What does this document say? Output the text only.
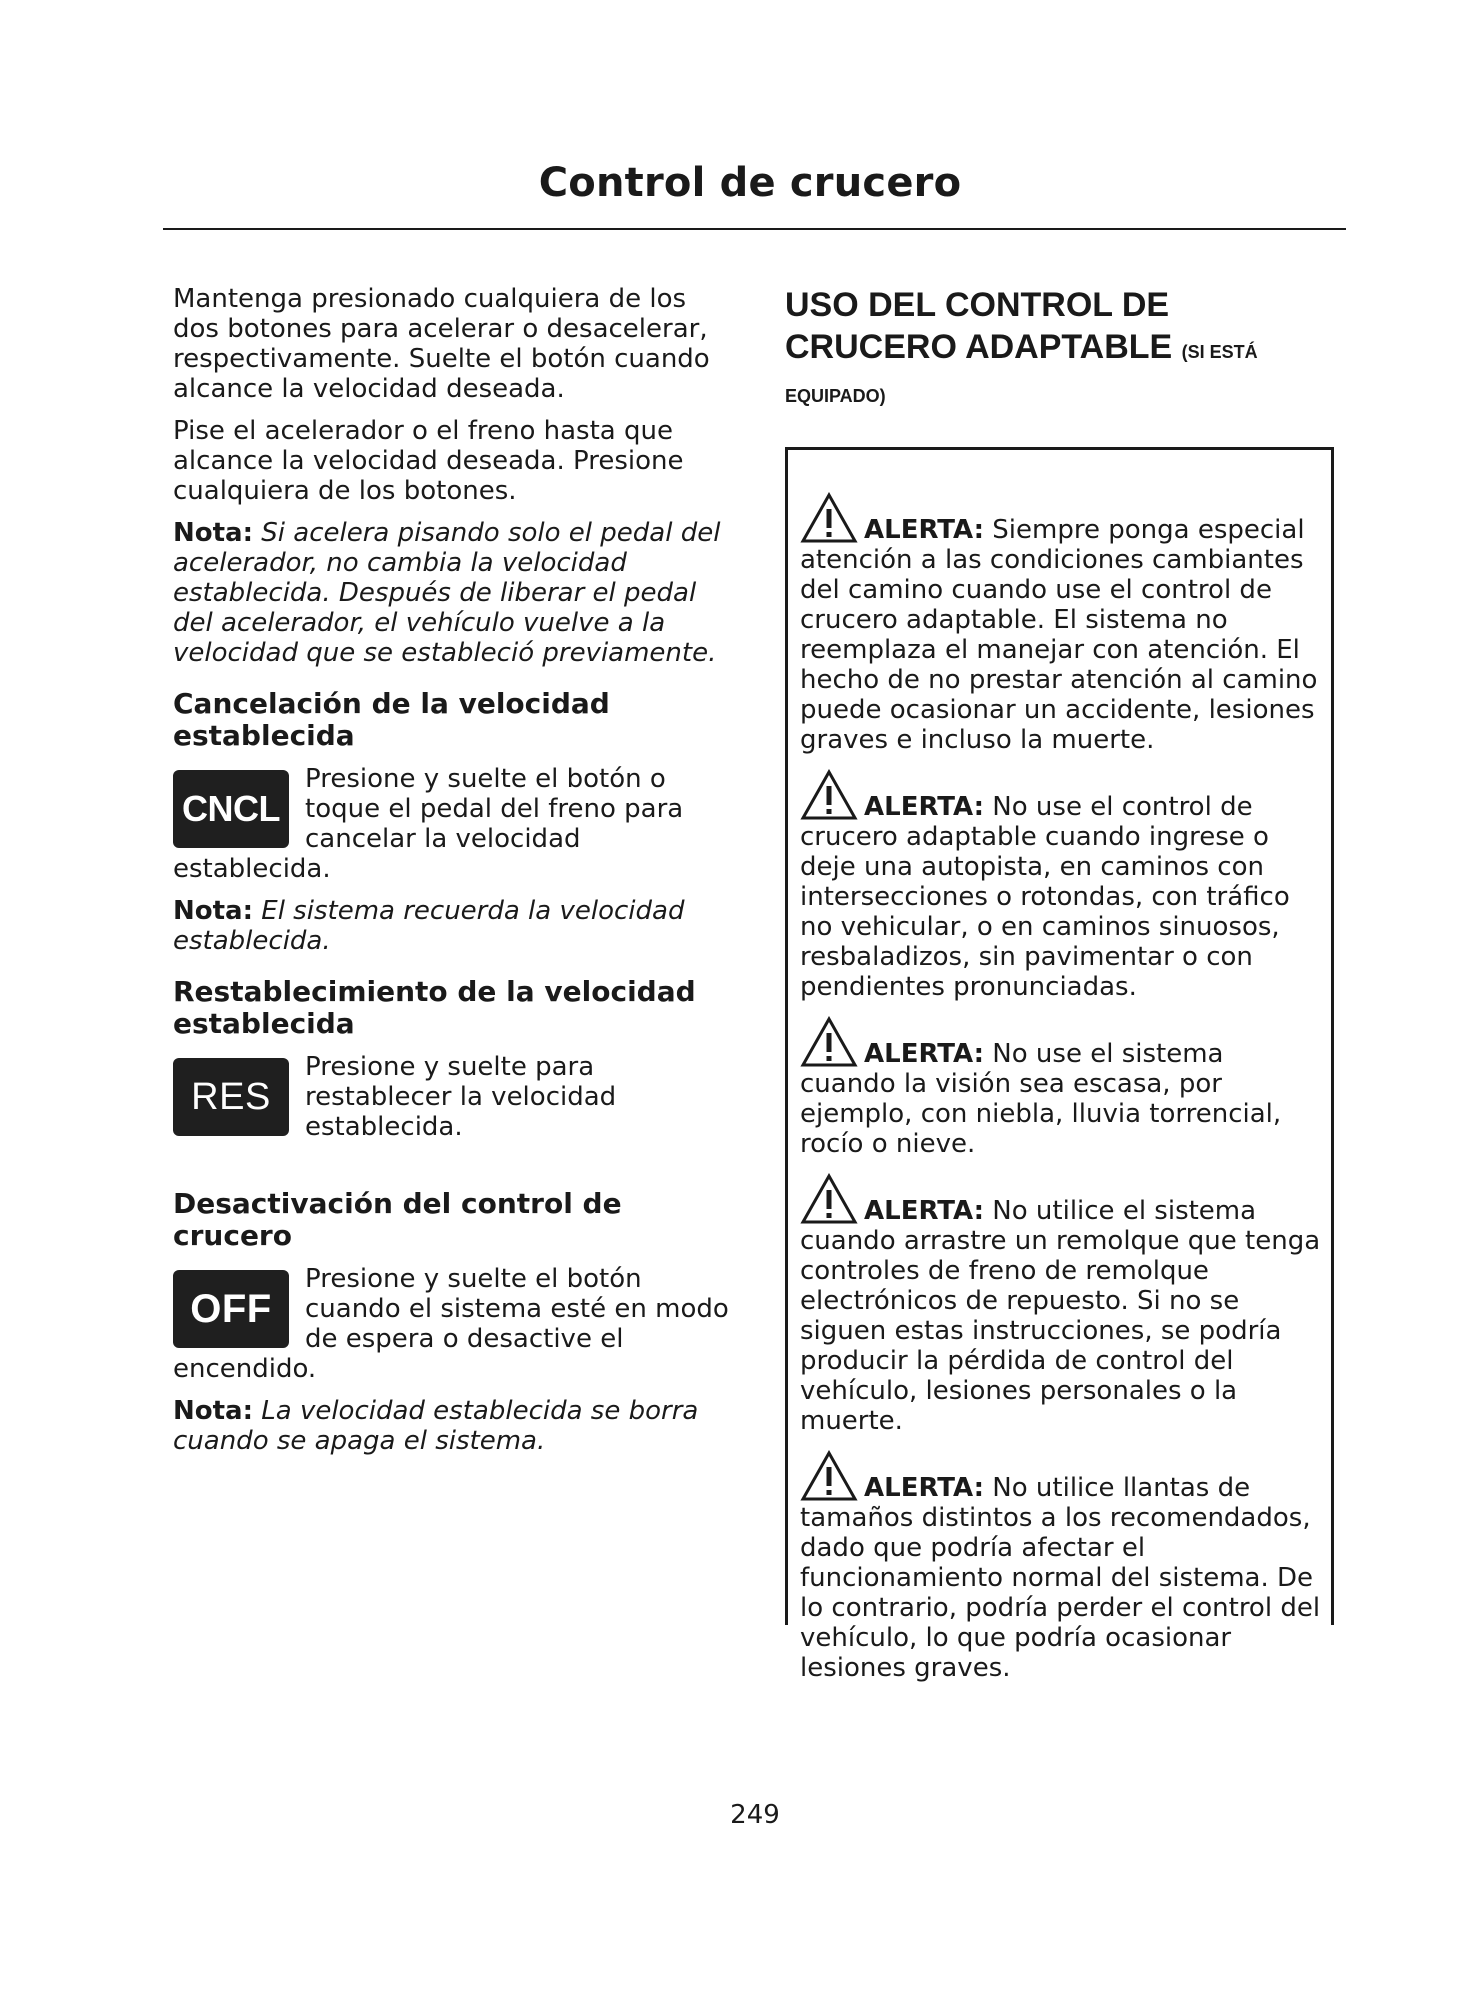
Control de crucero

Mantenga presionado cualquiera de los dos botones para acelerar o desacelerar, respectivamente. Suelte el botón cuando alcance la velocidad deseada.

Pise el acelerador o el freno hasta que alcance la velocidad deseada. Presione cualquiera de los botones.

Nota: Si acelera pisando solo el pedal del acelerador, no cambia la velocidad establecida. Después de liberar el pedal del acelerador, el vehículo vuelve a la velocidad que se estableció previamente.

Cancelación de la velocidad establecida
CNCL

Presione y suelte el botón o toque el pedal del freno para cancelar la velocidad establecida.

Nota: El sistema recuerda la velocidad establecida.

Restablecimiento de la velocidad establecida
RES

Presione y suelte para restablecer la velocidad establecida.

Desactivación del control de crucero
OFF

Presione y suelte el botón cuando el sistema esté en modo de espera o desactive el encendido.

Nota: La velocidad establecida se borra cuando se apaga el sistema.

USO DEL CONTROL DE
CRUCERO ADAPTABLE (SI ESTÁ
EQUIPADO)
ALERTA: Siempre ponga especial atención a las condiciones cambiantes del camino cuando use el control de crucero adaptable. El sistema no reemplaza el manejar con atención. El hecho de no prestar atención al camino puede ocasionar un accidente, lesiones graves e incluso la muerte.
ALERTA: No use el control de crucero adaptable cuando ingrese o deje una autopista, en caminos con intersecciones o rotondas, con tráfico no vehicular, o en caminos sinuosos, resbaladizos, sin pavimentar o con pendientes pronunciadas.
ALERTA: No use el sistema cuando la visión sea escasa, por ejemplo, con niebla, lluvia torrencial, rocío o nieve.
ALERTA: No utilice el sistema cuando arrastre un remolque que tenga controles de freno de remolque electrónicos de repuesto. Si no se siguen estas instrucciones, se podría producir la pérdida de control del vehículo, lesiones personales o la muerte.
ALERTA: No utilice llantas de tamaños distintos a los recomendados, dado que podría afectar el funcionamiento normal del sistema. De lo contrario, podría perder el control del vehículo, lo que podría ocasionar lesiones graves.
249
